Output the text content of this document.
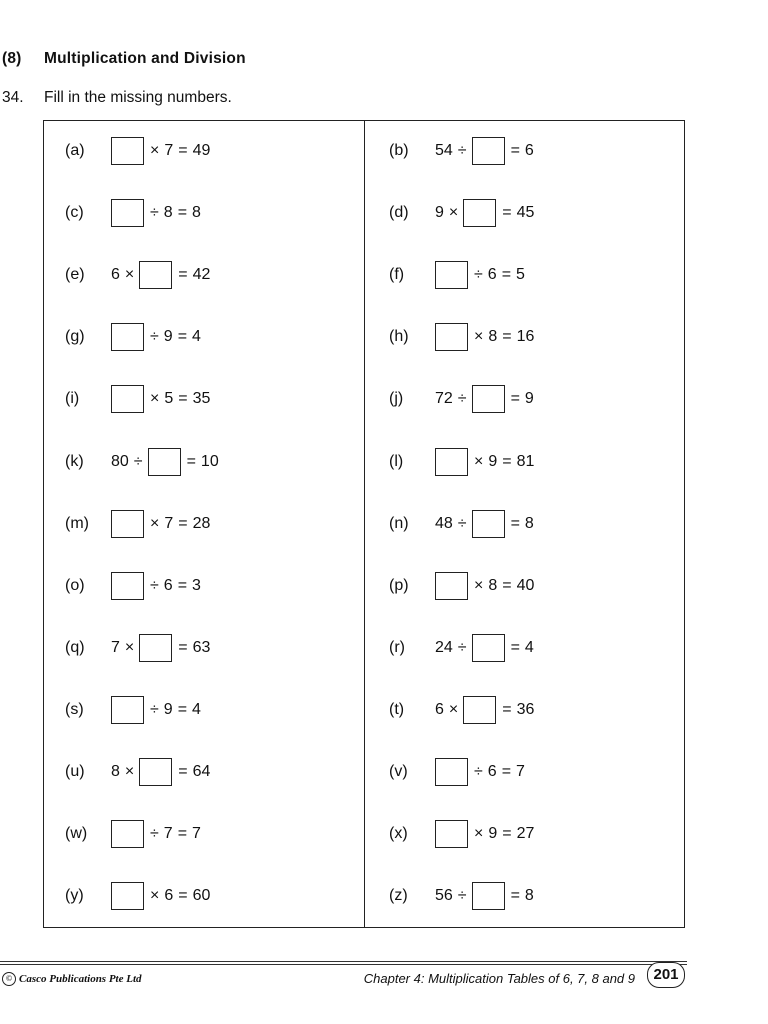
(8) Multiplication and Division
34. Fill in the missing numbers.
(a)	× 7 = 49
(c)	÷ 8 = 8
(e)	6 ×	= 42
(g)	÷ 9 = 4
(i)	× 5 = 35
(k)	80 ÷	= 10
(m)	× 7 = 28
(o)	÷ 6 = 3
(q)	7 ×	= 63
(s)	÷ 9 = 4
(u)	8 ×	= 64
(w)	÷ 7 = 7
(y)	× 6 = 60
(b)	54 ÷	= 6
(d)	9 ×	= 45
(f)	÷ 6 = 5
(h)	× 8 = 16
(j)	72 ÷	= 9
(l)	× 9 = 81
(n)	48 ÷	= 8
(p)	× 8 = 40
(r)	24 ÷	= 4
(t)	6 ×	= 36
(v)	÷ 6 = 7
(x)	× 9 = 27
(z)	56 ÷	= 8
© Casco Publications Pte Ltd	Chapter 4: Multiplication Tables of 6, 7, 8 and 9	201
